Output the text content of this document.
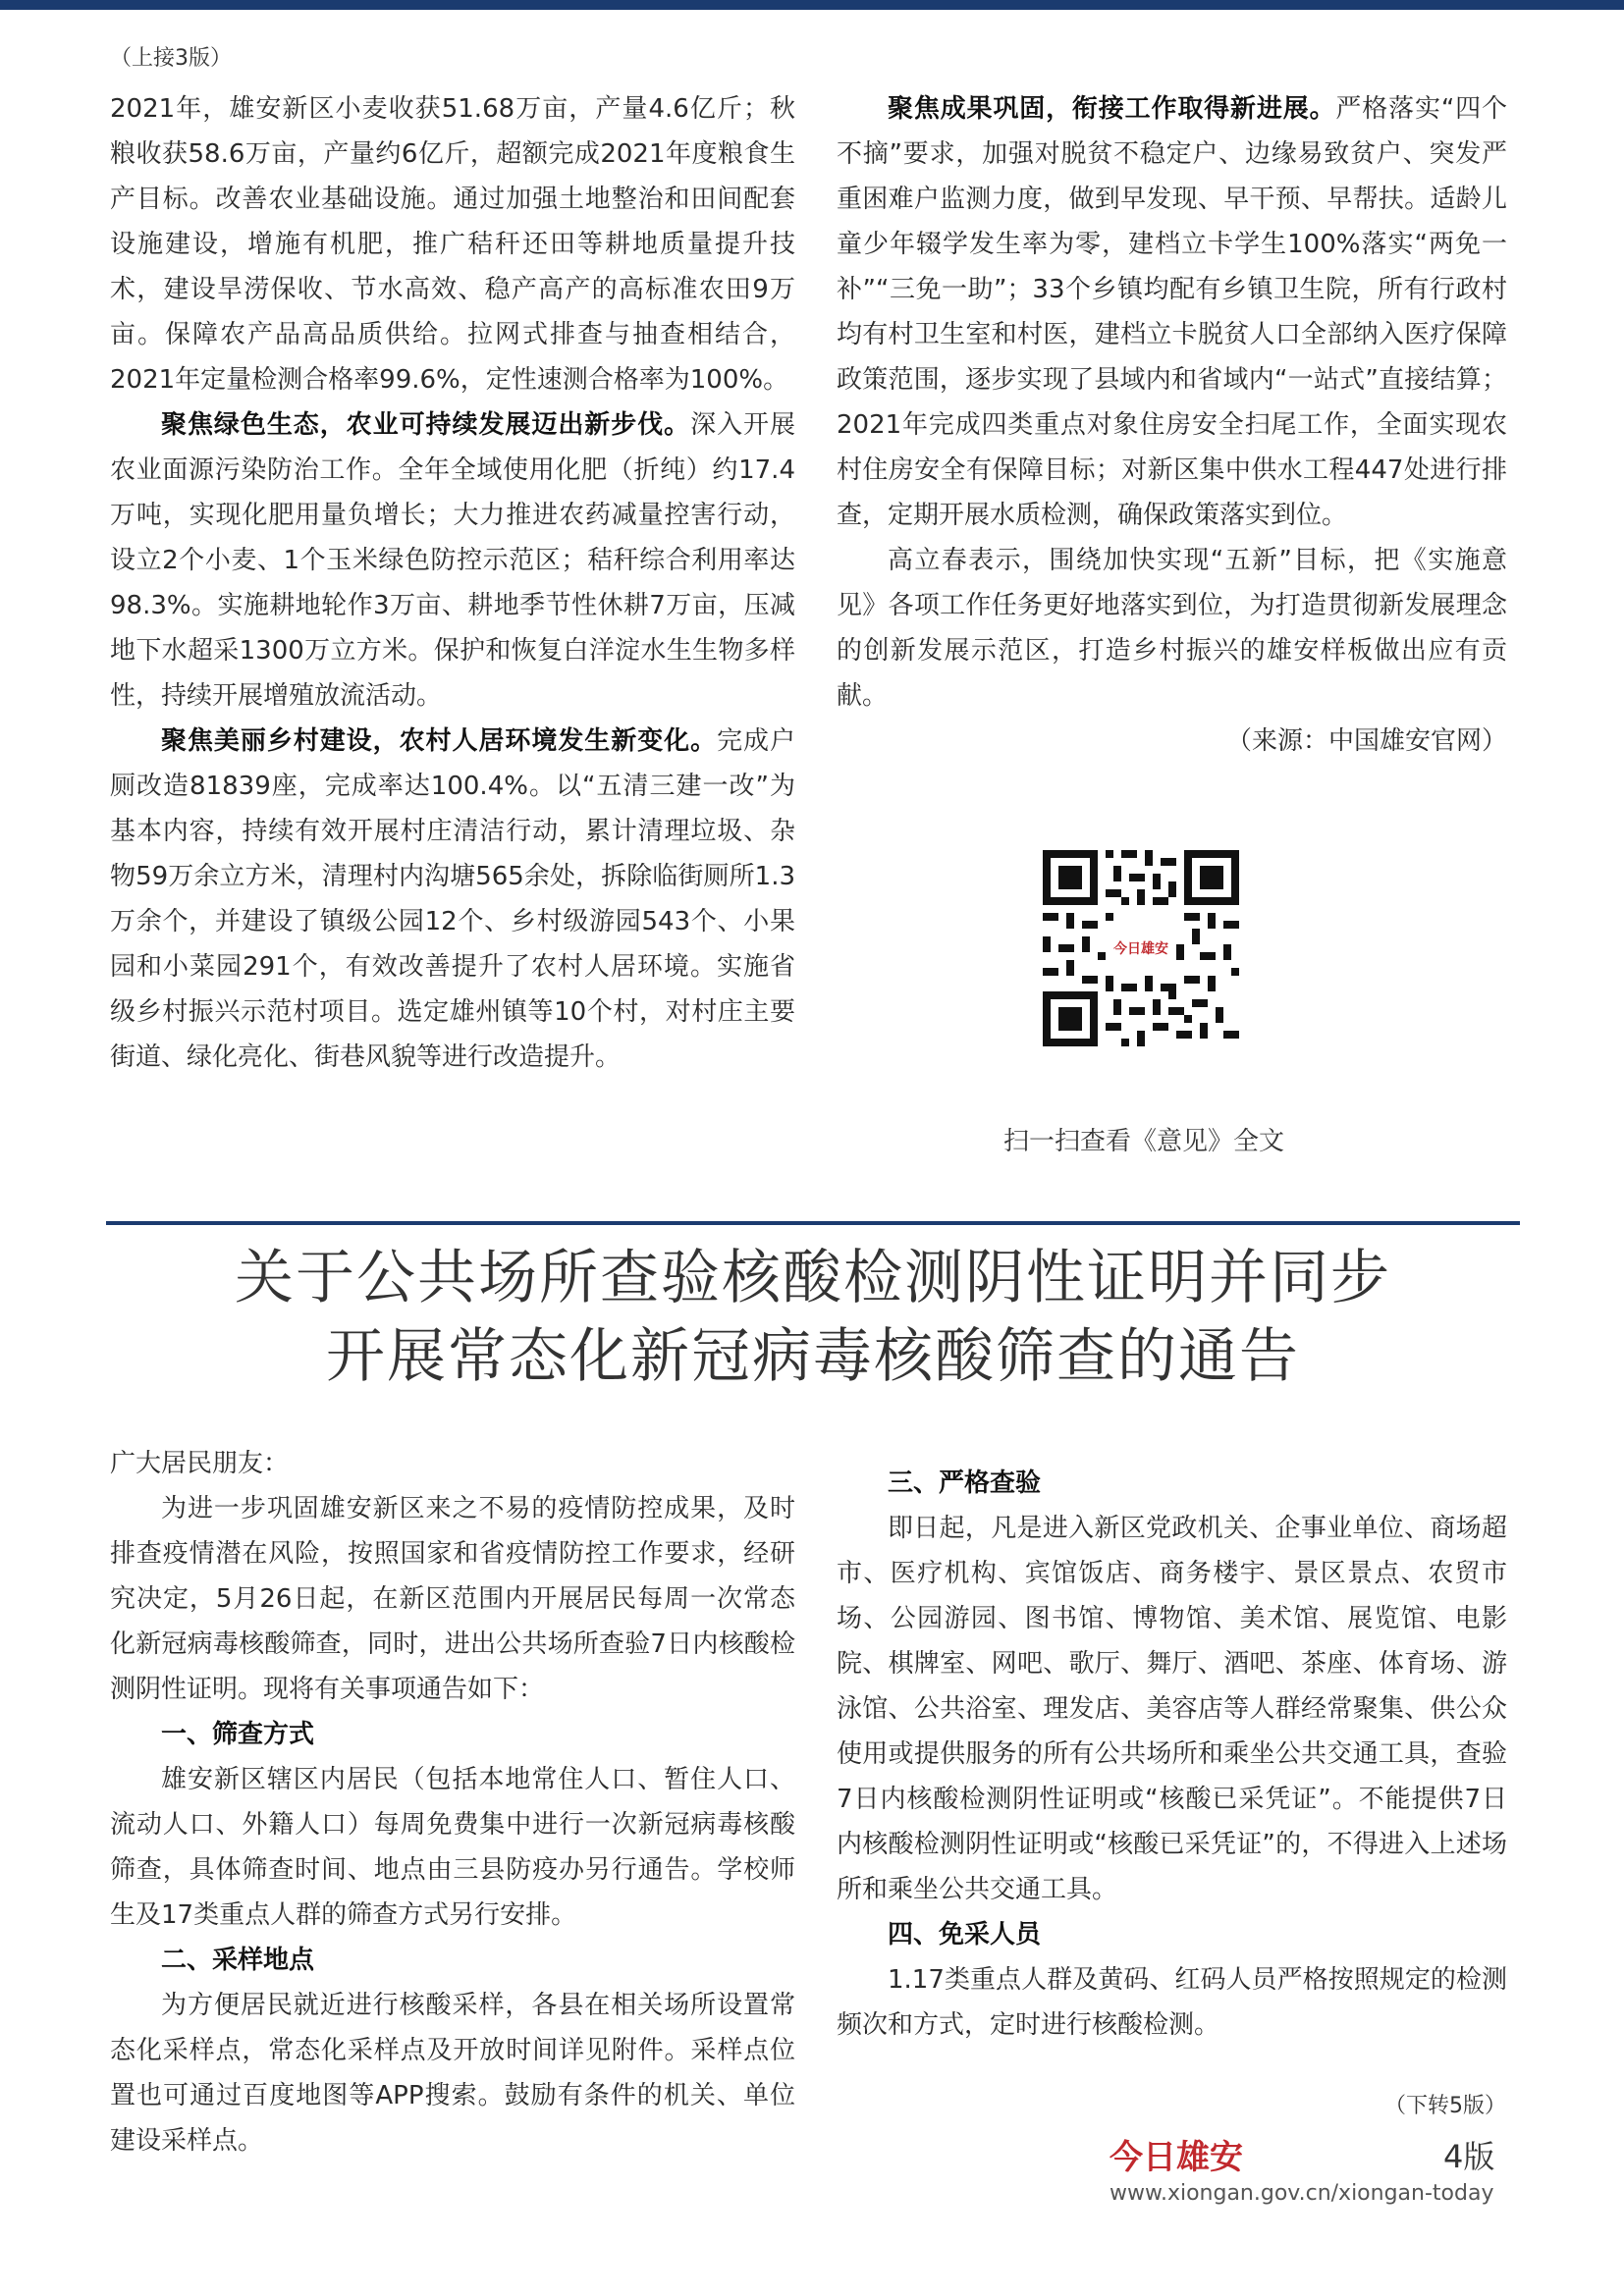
（上接3版）

2021年，雄安新区小麦收获51.68万亩，产量4.6亿斤；秋粮收获58.6万亩，产量约6亿斤，超额完成2021年度粮食生产目标。改善农业基础设施。通过加强土地整治和田间配套设施建设，增施有机肥，推广秸秆还田等耕地质量提升技术，建设旱涝保收、节水高效、稳产高产的高标准农田9万亩。保障农产品高品质供给。拉网式排查与抽查相结合，2021年定量检测合格率99.6%，定性速测合格率为100%。

聚焦绿色生态，农业可持续发展迈出新步伐。深入开展农业面源污染防治工作。全年全域使用化肥（折纯）约17.4万吨，实现化肥用量负增长；大力推进农药减量控害行动，设立2个小麦、1个玉米绿色防控示范区；秸秆综合利用率达98.3%。实施耕地轮作3万亩、耕地季节性休耕7万亩，压减地下水超采1300万立方米。保护和恢复白洋淀水生生物多样性，持续开展增殖放流活动。

聚焦美丽乡村建设，农村人居环境发生新变化。完成户厕改造81839座，完成率达100.4%。以“五清三建一改”为基本内容，持续有效开展村庄清洁行动，累计清理垃圾、杂物59万余立方米，清理村内沟塘565余处，拆除临街厕所1.3万余个，并建设了镇级公园12个、乡村级游园543个、小果园和小菜园291个，有效改善提升了农村人居环境。实施省级乡村振兴示范村项目。选定雄州镇等10个村，对村庄主要街道、绿化亮化、街巷风貌等进行改造提升。

聚焦成果巩固，衔接工作取得新进展。严格落实“四个不摘”要求，加强对脱贫不稳定户、边缘易致贫户、突发严重困难户监测力度，做到早发现、早干预、早帮扶。适龄儿童少年辍学发生率为零，建档立卡学生100%落实“两免一补”“三免一助”；33个乡镇均配有乡镇卫生院，所有行政村均有村卫生室和村医，建档立卡脱贫人口全部纳入医疗保障政策范围，逐步实现了县域内和省域内“一站式”直接结算；2021年完成四类重点对象住房安全扫尾工作，全面实现农村住房安全有保障目标；对新区集中供水工程447处进行排查，定期开展水质检测，确保政策落实到位。

高立春表示，围绕加快实现“五新”目标，把《实施意见》各项工作任务更好地落实到位，为打造贯彻新发展理念的创新发展示范区，打造乡村振兴的雄安样板做出应有贡献。

（来源：中国雄安官网）

今日雄安
扫一扫查看《意见》全文
关于公共场所查验核酸检测阴性证明并同步
开展常态化新冠病毒核酸筛查的通告

广大居民朋友：

为进一步巩固雄安新区来之不易的疫情防控成果，及时排查疫情潜在风险，按照国家和省疫情防控工作要求，经研究决定，5月26日起，在新区范围内开展居民每周一次常态化新冠病毒核酸筛查，同时，进出公共场所查验7日内核酸检测阴性证明。现将有关事项通告如下：

一、筛查方式

雄安新区辖区内居民（包括本地常住人口、暂住人口、流动人口、外籍人口）每周免费集中进行一次新冠病毒核酸筛查，具体筛查时间、地点由三县防疫办另行通告。学校师生及17类重点人群的筛查方式另行安排。

二、采样地点

为方便居民就近进行核酸采样，各县在相关场所设置常态化采样点，常态化采样点及开放时间详见附件。采样点位置也可通过百度地图等APP搜索。鼓励有条件的机关、单位建设采样点。

三、严格查验

即日起，凡是进入新区党政机关、企事业单位、商场超市、医疗机构、宾馆饭店、商务楼宇、景区景点、农贸市场、公园游园、图书馆、博物馆、美术馆、展览馆、电影院、棋牌室、网吧、歌厅、舞厅、酒吧、茶座、体育场、游泳馆、公共浴室、理发店、美容店等人群经常聚集、供公众使用或提供服务的所有公共场所和乘坐公共交通工具，查验7日内核酸检测阴性证明或“核酸已采凭证”。不能提供7日内核酸检测阴性证明或“核酸已采凭证”的，不得进入上述场所和乘坐公共交通工具。

四、免采人员

1.17类重点人群及黄码、红码人员严格按照规定的检测频次和方式，定时进行核酸检测。

（下转5版）
今日雄安	4版
www.xiongan.gov.cn/xiongan-today
